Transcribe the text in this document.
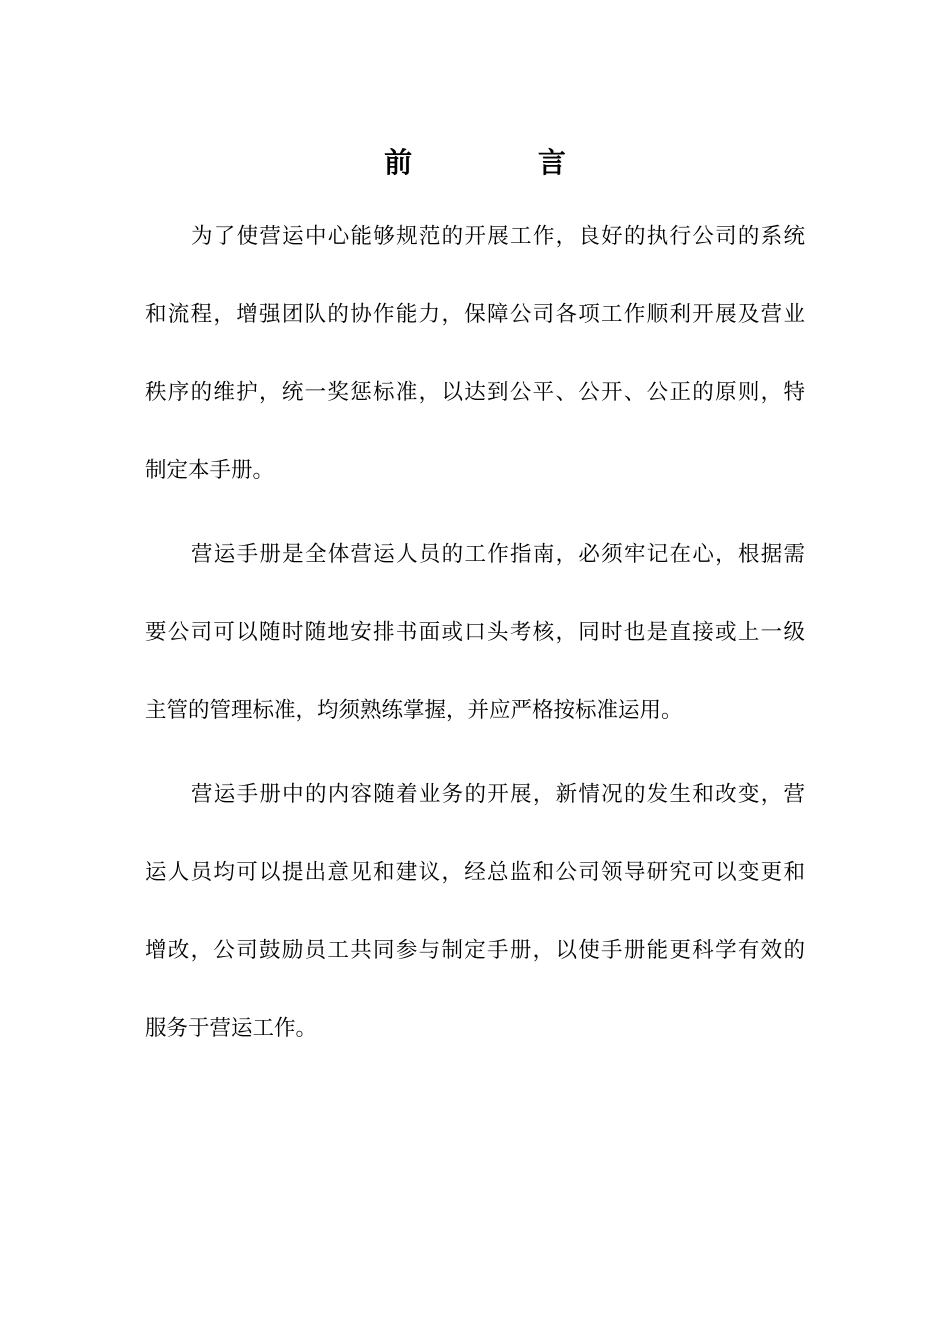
前 言
为了使营运中心能够规范的开展工作，良好的执行公司的系统
和流程，增强团队的协作能力，保障公司各项工作顺利开展及营业
秩序的维护，统一奖惩标准，以达到公平、公开、公正的原则，特
制定本手册。
营运手册是全体营运人员的工作指南，必须牢记在心，根据需
要公司可以随时随地安排书面或口头考核，同时也是直接或上一级
主管的管理标准，均须熟练掌握，并应严格按标准运用。
营运手册中的内容随着业务的开展，新情况的发生和改变，营
运人员均可以提出意见和建议，经总监和公司领导研究可以变更和
增改，公司鼓励员工共同参与制定手册，以使手册能更科学有效的
服务于营运工作。
